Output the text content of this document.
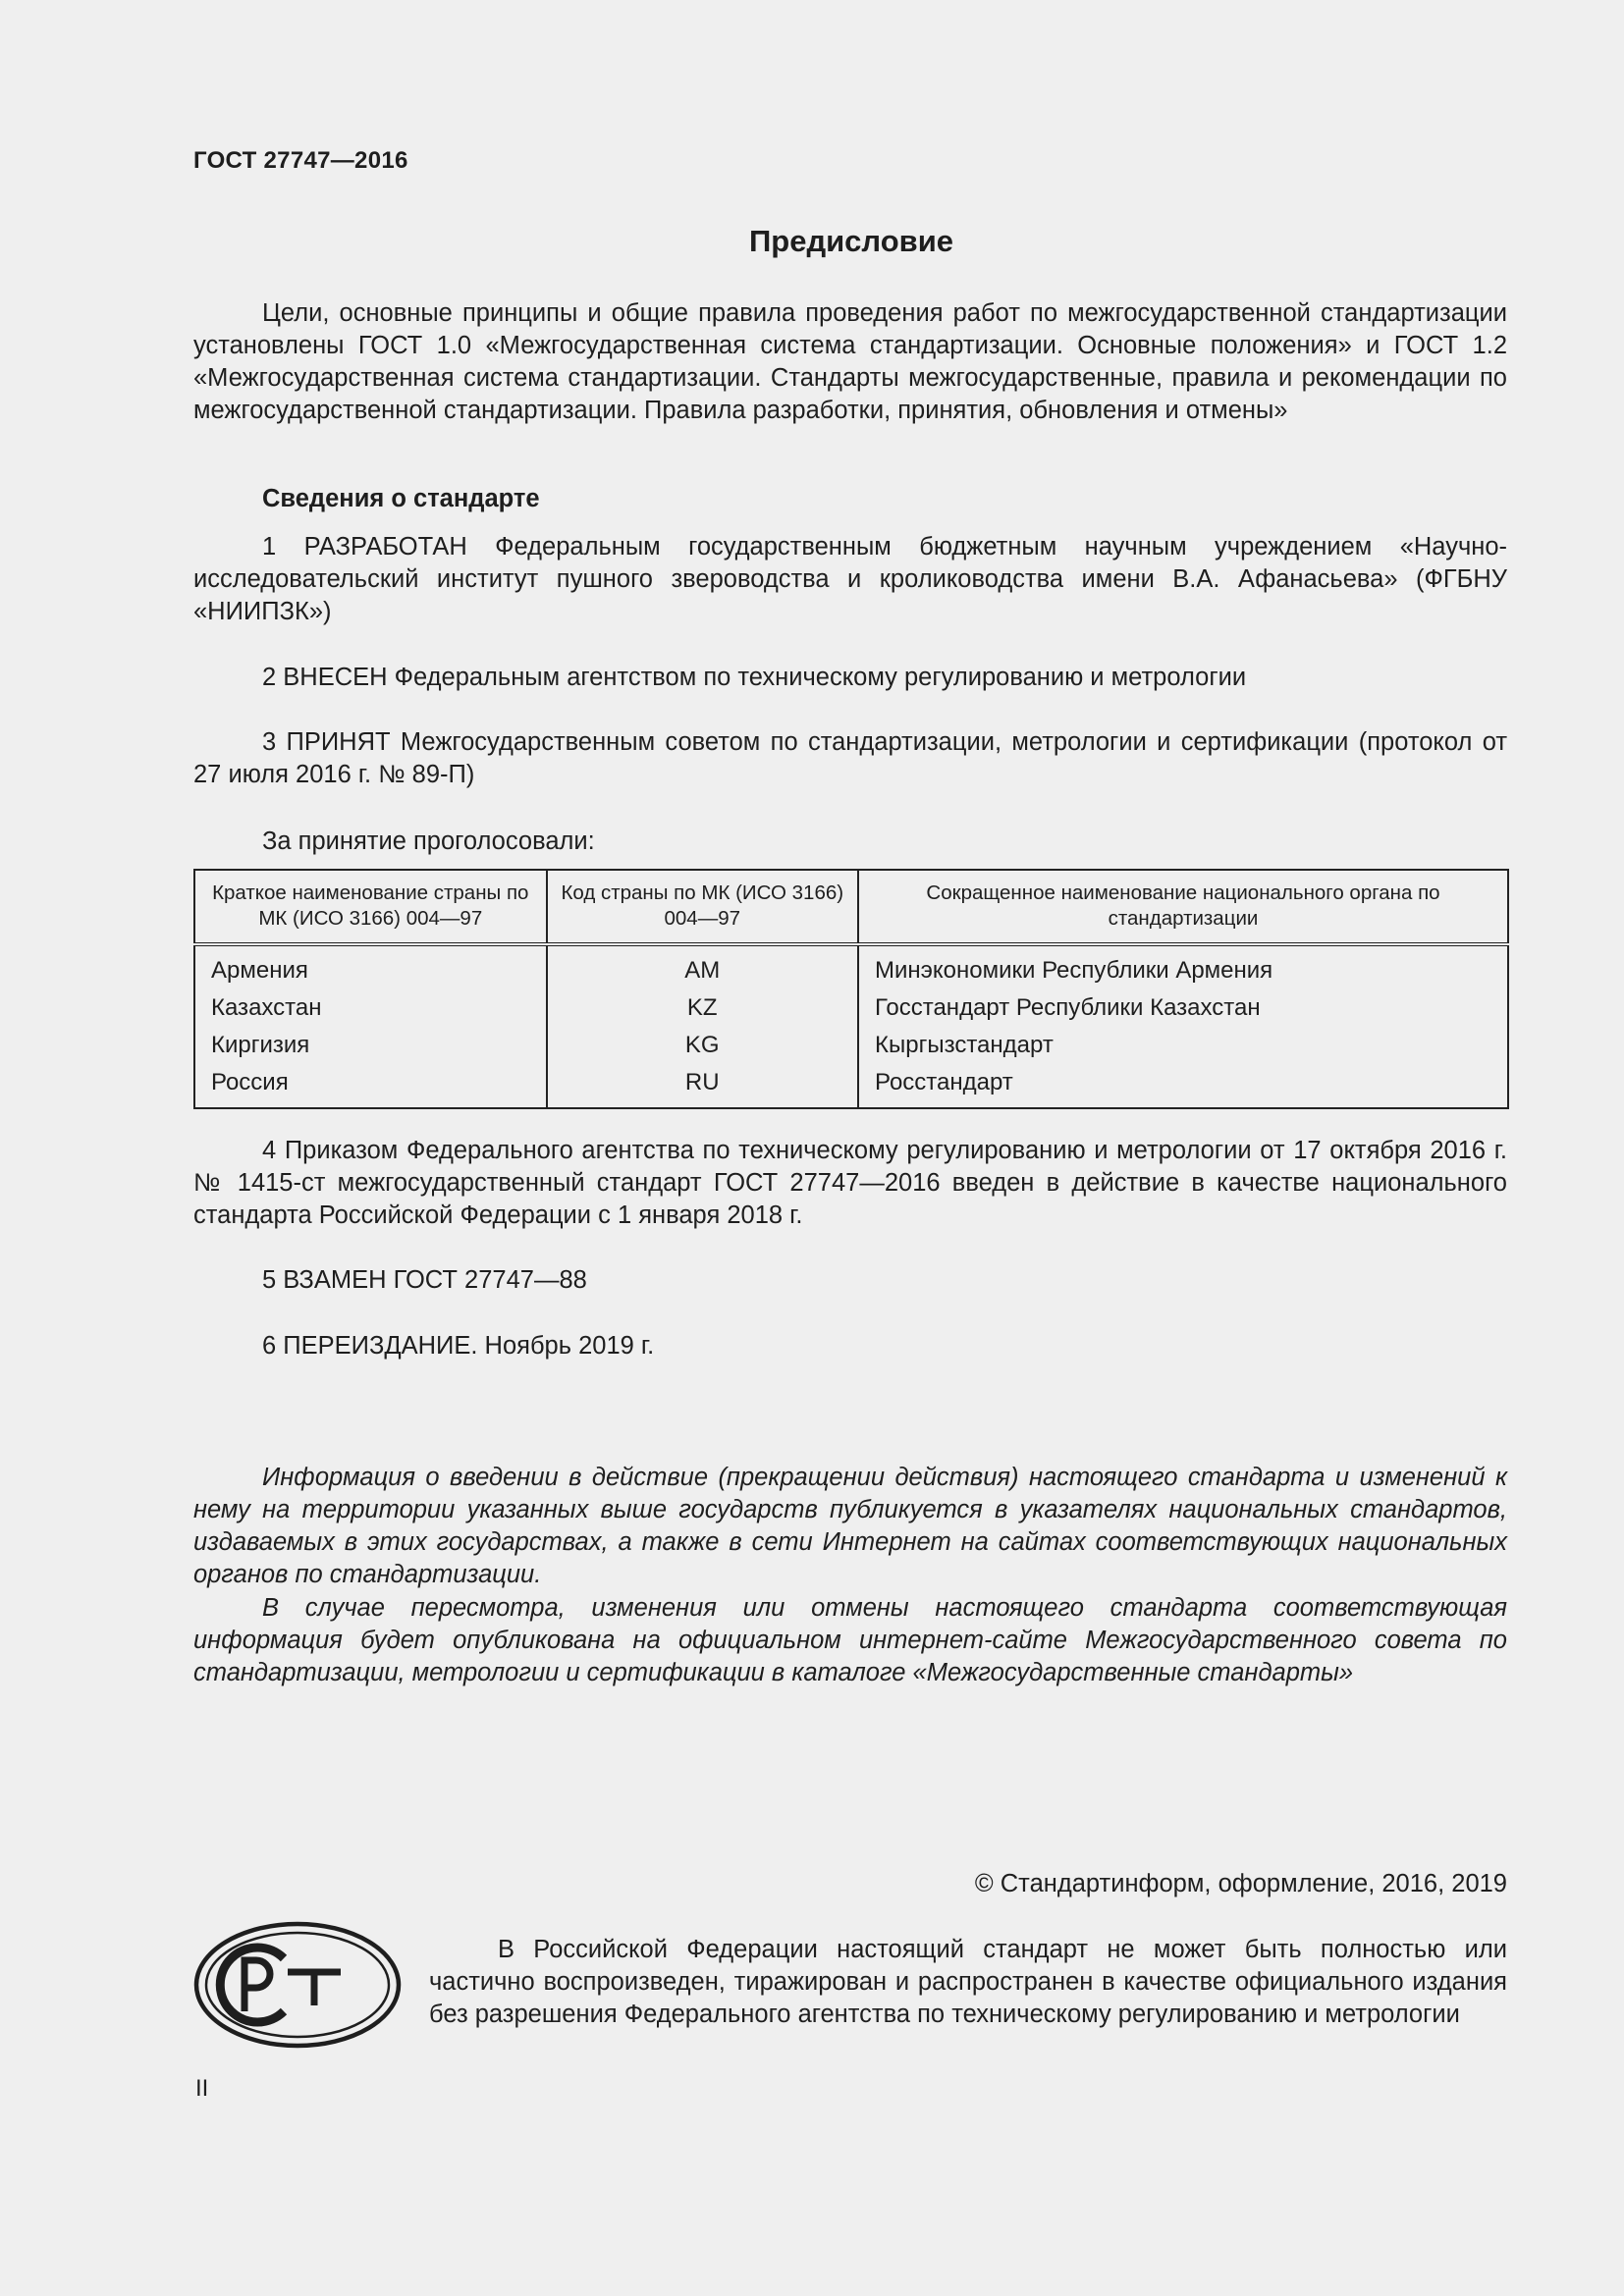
ГОСТ 27747—2016
Предисловие
Цели, основные принципы и общие правила проведения работ по межгосударственной стандартизации установлены ГОСТ 1.0 «Межгосударственная система стандартизации. Основные положения» и ГОСТ 1.2 «Межгосударственная система стандартизации. Стандарты межгосударственные, правила и рекомендации по межгосударственной стандартизации. Правила разработки, принятия, обновления и отмены»
Сведения о стандарте
1 РАЗРАБОТАН Федеральным государственным бюджетным научным учреждением «Научно-исследовательский институт пушного звероводства и кролиководства имени В.А. Афанасьева» (ФГБНУ «НИИПЗК»)
2 ВНЕСЕН Федеральным агентством по техническому регулированию и метрологии
3 ПРИНЯТ Межгосударственным советом по стандартизации, метрологии и сертификации (протокол от 27 июля 2016 г. № 89-П)
За принятие проголосовали:
Краткое наименование страны по МК (ИСО 3166) 004—97	Код страны по МК (ИСО 3166) 004—97	Сокращенное наименование национального органа по стандартизации
Армения	AM	Минэкономики Республики Армения
Казахстан	KZ	Госстандарт Республики Казахстан
Киргизия	KG	Кыргызстандарт
Россия	RU	Росстандарт
4 Приказом Федерального агентства по техническому регулированию и метрологии от 17 октября 2016 г. № 1415-ст межгосударственный стандарт ГОСТ 27747—2016 введен в действие в качестве национального стандарта Российской Федерации с 1 января 2018 г.
5 ВЗАМЕН ГОСТ 27747—88
6 ПЕРЕИЗДАНИЕ. Ноябрь 2019 г.
Информация о введении в действие (прекращении действия) настоящего стандарта и изменений к нему на территории указанных выше государств публикуется в указателях национальных стандартов, издаваемых в этих государствах, а также в сети Интернет на сайтах соответствующих национальных органов по стандартизации.
В случае пересмотра, изменения или отмены настоящего стандарта соответствующая информация будет опубликована на официальном интернет-сайте Межгосударственного совета по стандартизации, метрологии и сертификации в каталоге «Межгосударственные стандарты»
© Стандартинформ, оформление, 2016, 2019
В Российской Федерации настоящий стандарт не может быть полностью или частично воспроизведен, тиражирован и распространен в качестве официального издания без разрешения Федерального агентства по техническому регулированию и метрологии
II
